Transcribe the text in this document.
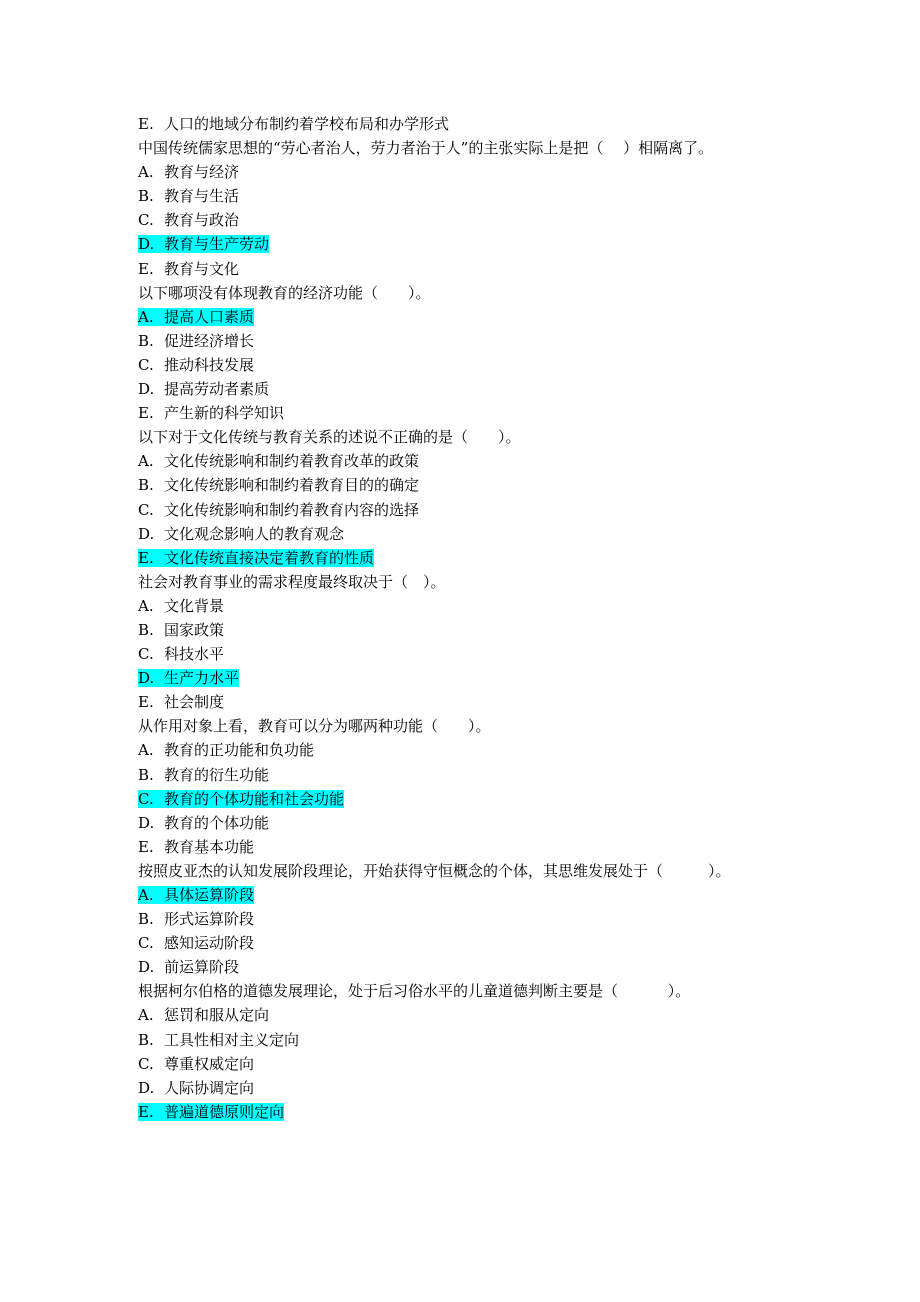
E. 人口的地域分布制约着学校布局和办学形式
中国传统儒家思想的“劳心者治人，劳力者治于人”的主张实际上是把（　 ）相隔离了。
A. 教育与经济
B. 教育与生活
C. 教育与政治
D. 教育与生产劳动
E. 教育与文化
以下哪项没有体现教育的经济功能（　　）。
A. 提高人口素质
B. 促进经济增长
C. 推动科技发展
D. 提高劳动者素质
E. 产生新的科学知识
以下对于文化传统与教育关系的述说不正确的是（　　）。
A. 文化传统影响和制约着教育改革的政策
B. 文化传统影响和制约着教育目的的确定
C. 文化传统影响和制约着教育内容的选择
D. 文化观念影响人的教育观念
E. 文化传统直接决定着教育的性质
社会对教育事业的需求程度最终取决于（　）。
A. 文化背景
B. 国家政策
C. 科技水平
D. 生产力水平
E. 社会制度
从作用对象上看，教育可以分为哪两种功能（　　）。
A. 教育的正功能和负功能
B. 教育的衍生功能
C. 教育的个体功能和社会功能
D. 教育的个体功能
E. 教育基本功能
按照皮亚杰的认知发展阶段理论，开始获得守恒概念的个体，其思维发展处于（　　　）。
A. 具体运算阶段
B. 形式运算阶段
C. 感知运动阶段
D. 前运算阶段
根据柯尔伯格的道德发展理论，处于后习俗水平的儿童道德判断主要是（　　　 ）。
A. 惩罚和服从定向
B. 工具性相对主义定向
C. 尊重权威定向
D. 人际协调定向
E. 普遍道德原则定向
